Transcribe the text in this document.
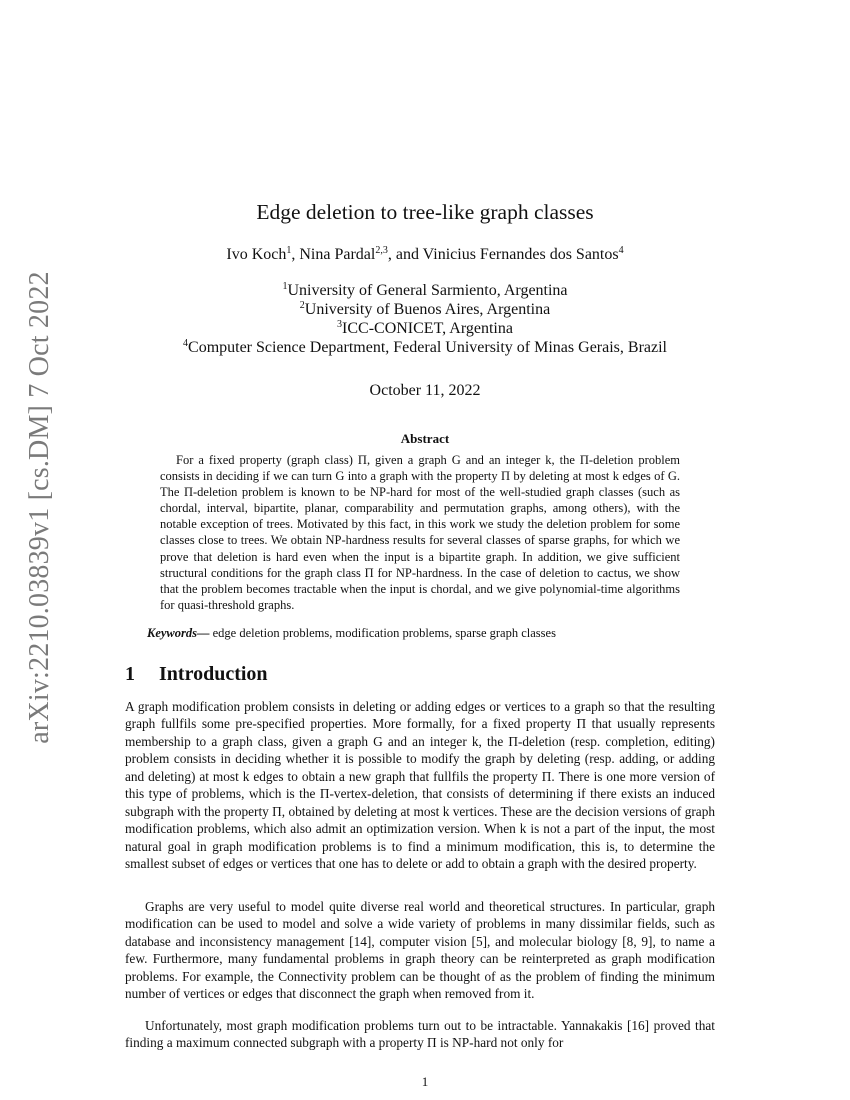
arXiv:2210.03839v1 [cs.DM] 7 Oct 2022
Edge deletion to tree-like graph classes
Ivo Koch$^1$, Nina Pardal$^{2,3}$, and Vinicius Fernandes dos Santos$^4$
$^1$University of General Sarmiento, Argentina
$^2$University of Buenos Aires, Argentina
$^3$ICC-CONICET, Argentina
$^4$Computer Science Department, Federal University of Minas Gerais, Brazil
October 11, 2022
Abstract

For a fixed property (graph class) Π, given a graph G and an integer k, the Π-deletion problem consists in deciding if we can turn G into a graph with the property Π by deleting at most k edges of G. The Π-deletion problem is known to be NP-hard for most of the well-studied graph classes (such as chordal, interval, bipartite, planar, comparability and permutation graphs, among others), with the notable exception of trees. Motivated by this fact, in this work we study the deletion problem for some classes close to trees. We obtain NP-hardness results for several classes of sparse graphs, for which we prove that deletion is hard even when the input is a bipartite graph. In addition, we give sufficient structural conditions for the graph class Π for NP-hardness. In the case of deletion to cactus, we show that the problem becomes tractable when the input is chordal, and we give polynomial-time algorithms for quasi-threshold graphs.

Keywords— edge deletion problems, modification problems, sparse graph classes

1 Introduction

A graph modification problem consists in deleting or adding edges or vertices to a graph so that the resulting graph fullfils some pre-specified properties. More formally, for a fixed property Π that usually represents membership to a graph class, given a graph G and an integer k, the Π-deletion (resp. completion, editing) problem consists in deciding whether it is possible to modify the graph by deleting (resp. adding, or adding and deleting) at most k edges to obtain a new graph that fullfils the property Π. There is one more version of this type of problems, which is the Π-vertex-deletion, that consists of determining if there exists an induced subgraph with the property Π, obtained by deleting at most k vertices. These are the decision versions of graph modification problems, which also admit an optimization version. When k is not a part of the input, the most natural goal in graph modification problems is to find a minimum modification, this is, to determine the smallest subset of edges or vertices that one has to delete or add to obtain a graph with the desired property.

Graphs are very useful to model quite diverse real world and theoretical structures. In particular, graph modification can be used to model and solve a wide variety of problems in many dissimilar fields, such as database and inconsistency management [14], computer vision [5], and molecular biology [8, 9], to name a few. Furthermore, many fundamental problems in graph theory can be reinterpreted as graph modification problems. For example, the Connectivity problem can be thought of as the problem of finding the minimum number of vertices or edges that disconnect the graph when removed from it.

Unfortunately, most graph modification problems turn out to be intractable. Yannakakis [16] proved that finding a maximum connected subgraph with a property Π is NP-hard not only for

1
